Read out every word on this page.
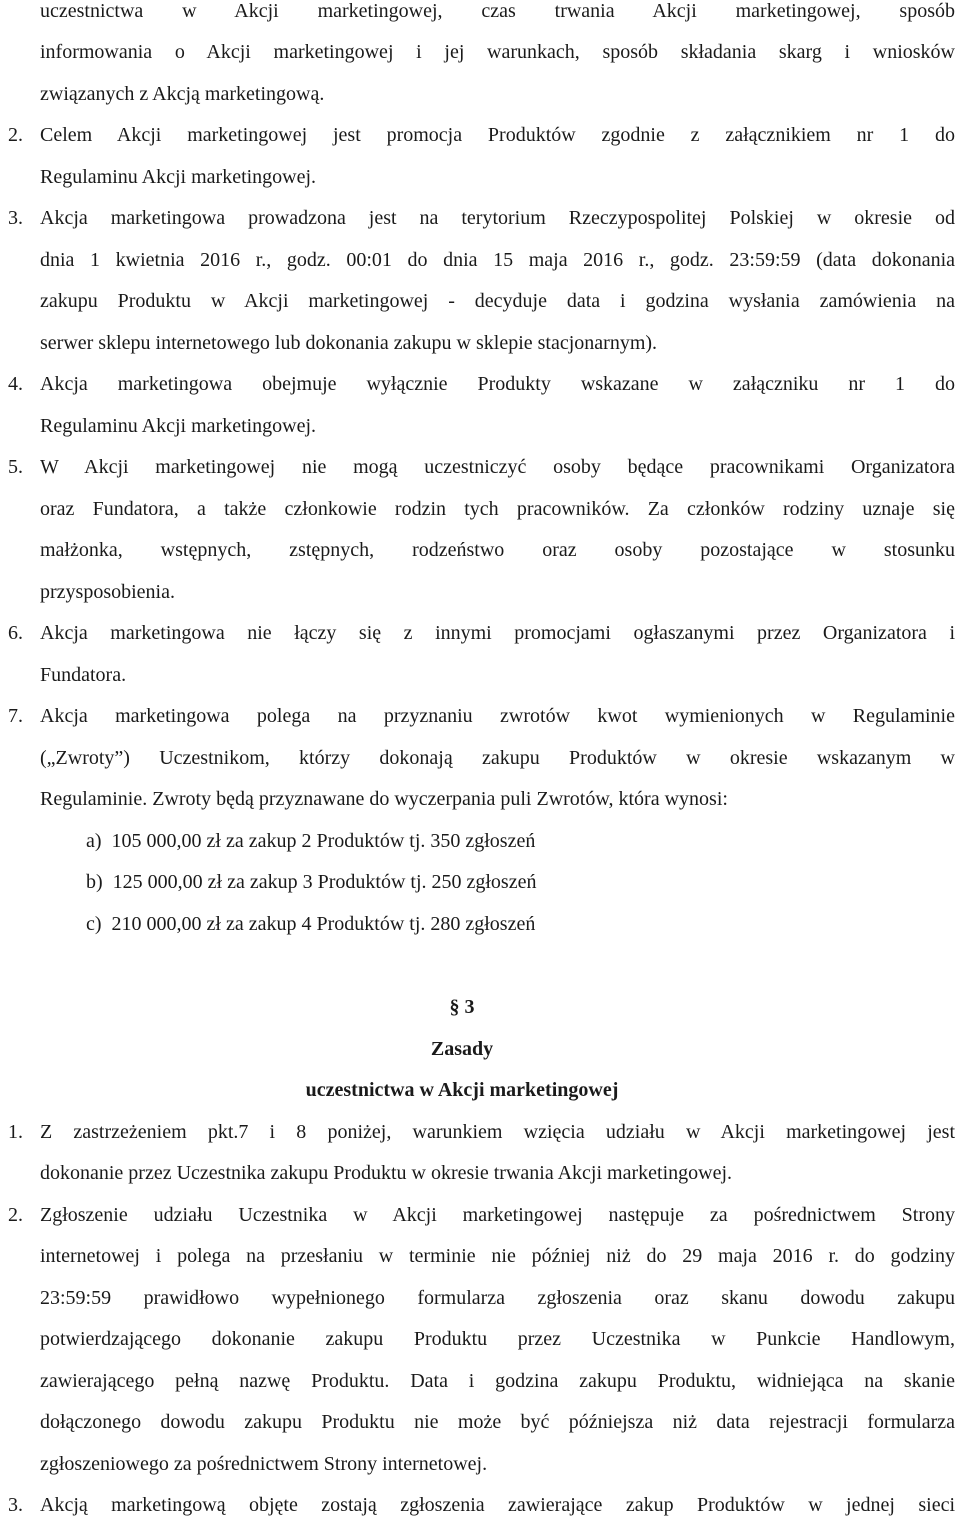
uczestnictwa w Akcji marketingowej, czas trwania Akcji marketingowej, sposób
informowania o Akcji marketingowej i jej warunkach, sposób składania skarg i wniosków
związanych z Akcją marketingową.
2. Celem Akcji marketingowej jest promocja Produktów zgodnie z załącznikiem nr 1 do
Regulaminu Akcji marketingowej.
3. Akcja marketingowa prowadzona jest na terytorium Rzeczypospolitej Polskiej w okresie od
dnia 1 kwietnia 2016 r., godz. 00:01 do dnia 15 maja 2016 r., godz. 23:59:59 (data dokonania
zakupu Produktu w Akcji marketingowej - decyduje data i godzina wysłania zamówienia na
serwer sklepu internetowego lub dokonania zakupu w sklepie stacjonarnym).
4. Akcja marketingowa obejmuje wyłącznie Produkty wskazane w załączniku nr 1 do
Regulaminu Akcji marketingowej.
5. W Akcji marketingowej nie mogą uczestniczyć osoby będące pracownikami Organizatora
oraz Fundatora, a także członkowie rodzin tych pracowników. Za członków rodziny uznaje się
małżonka, wstępnych, zstępnych, rodzeństwo oraz osoby pozostające w stosunku
przysposobienia.
6. Akcja marketingowa nie łączy się z innymi promocjami ogłaszanymi przez Organizatora i
Fundatora.
7. Akcja marketingowa polega na przyznaniu zwrotów kwot wymienionych w Regulaminie
(„Zwroty”) Uczestnikom, którzy dokonają zakupu Produktów w okresie wskazanym w
Regulaminie. Zwroty będą przyznawane do wyczerpania puli Zwrotów, która wynosi:
a)  105 000,00 zł za zakup 2 Produktów tj. 350 zgłoszeń
b)  125 000,00 zł za zakup 3 Produktów tj. 250 zgłoszeń
c)  210 000,00 zł za zakup 4 Produktów tj. 280 zgłoszeń
§ 3
Zasady
uczestnictwa w Akcji marketingowej
1. Z zastrzeżeniem pkt.7 i 8 poniżej, warunkiem wzięcia udziału w Akcji marketingowej jest
dokonanie przez Uczestnika zakupu Produktu w okresie trwania Akcji marketingowej.
2. Zgłoszenie udziału Uczestnika w Akcji marketingowej następuje za pośrednictwem Strony
internetowej i polega na przesłaniu w terminie nie później niż do 29 maja 2016 r. do godziny
23:59:59 prawidłowo wypełnionego formularza zgłoszenia oraz skanu dowodu zakupu
potwierdzającego dokonanie zakupu Produktu przez Uczestnika w Punkcie Handlowym,
zawierającego pełną nazwę Produktu. Data i godzina zakupu Produktu, widniejąca na skanie
dołączonego dowodu zakupu Produktu nie może być późniejsza niż data rejestracji formularza
zgłoszeniowego za pośrednictwem Strony internetowej.
3. Akcją marketingową objęte zostają zgłoszenia zawierające zakup Produktów w jednej sieci
